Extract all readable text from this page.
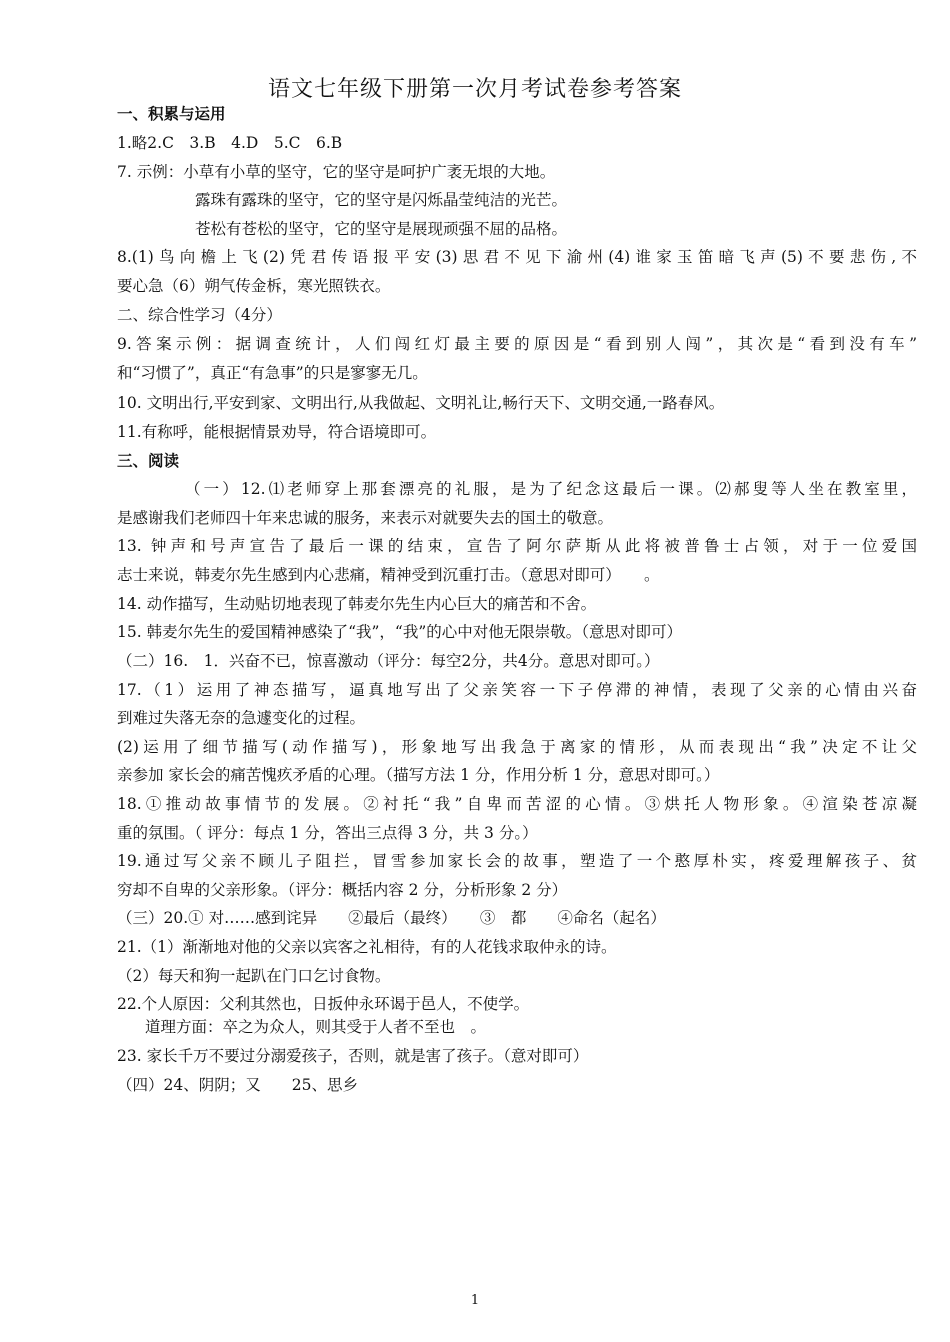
语文七年级下册第一次月考试卷参考答案
一、积累与运用
1.略2.C　3.B　4.D　5.C　6.B
7. 示例：小草有小草的坚守，它的坚守是呵护广袤无垠的大地。
露珠有露珠的坚守，它的坚守是闪烁晶莹纯洁的光芒。
苍松有苍松的坚守，它的坚守是展现顽强不屈的品格。
8.(1)鸟向檐上飞(2)凭君传语报平安(3)思君不见下渝州(4)谁家玉笛暗飞声(5)不要悲伤,不
要心急（6）朔气传金柝，寒光照铁衣。
二、综合性学习（4分）
9.答案示例：据调查统计，人们闯红灯最主要的原因是“看到别人闯”，其次是“看到没有车”
和“习惯了”，真正“有急事”的只是寥寥无几。
10. 文明出行,平安到家、文明出行,从我做起、文明礼让,畅行天下、文明交通,一路春风。
11.有称呼，能根据情景劝导，符合语境即可。
三、阅读
（一）12.⑴老师穿上那套漂亮的礼服，是为了纪念这最后一课。⑵郝叟等人坐在教室里，
是感谢我们老师四十年来忠诚的服务，来表示对就要失去的国土的敬意。
13. 钟声和号声宣告了最后一课的结束，宣告了阿尔萨斯从此将被普鲁士占领，对于一位爱国
志士来说，韩麦尔先生感到内心悲痛，精神受到沉重打击。（意思对即可）　　。
14. 动作描写，生动贴切地表现了韩麦尔先生内心巨大的痛苦和不舍。
15. 韩麦尔先生的爱国精神感染了“我”，“我”的心中对他无限崇敬。（意思对即可）
（二）16.　1．兴奋不已，惊喜激动（评分：每空2分，共4分。意思对即可。）
17.（1）运用了神态描写，逼真地写出了父亲笑容一下子停滞的神情，表现了父亲的心情由兴奋
到难过失落无奈的急遽变化的过程。
(2)运用了细节描写(动作描写)，形象地写出我急于离家的情形，从而表现出“我”决定不让父
亲参加 家长会的痛苦愧疚矛盾的心理。（描写方法 1 分，作用分析 1 分，意思对即可。）
18.①推动故事情节的发展。②衬托“我”自卑而苦涩的心情。③烘托人物形象。④渲染苍凉凝
重的氛围。（ 评分：每点 1 分，答出三点得 3 分，共 3 分。）
19.通过写父亲不顾儿子阻拦，冒雪参加家长会的故事，塑造了一个憨厚朴实，疼爱理解孩子、贫
穷却不自卑的父亲形象。（评分：概括内容 2 分，分析形象 2 分）
（三）20.① 对……感到诧异　　②最后（最终）　　③　都　　④命名（起名）
21.（1）渐渐地对他的父亲以宾客之礼相待，有的人花钱求取仲永的诗。
（2）每天和狗一起趴在门口乞讨食物。
22.个人原因：父利其然也，日扳仲永环谒于邑人，不使学。
道理方面：卒之为众人，则其受于人者不至也　。
23. 家长千万不要过分溺爱孩子，否则，就是害了孩子。（意对即可）
（四）24、阴阴；又　　25、思乡
1
